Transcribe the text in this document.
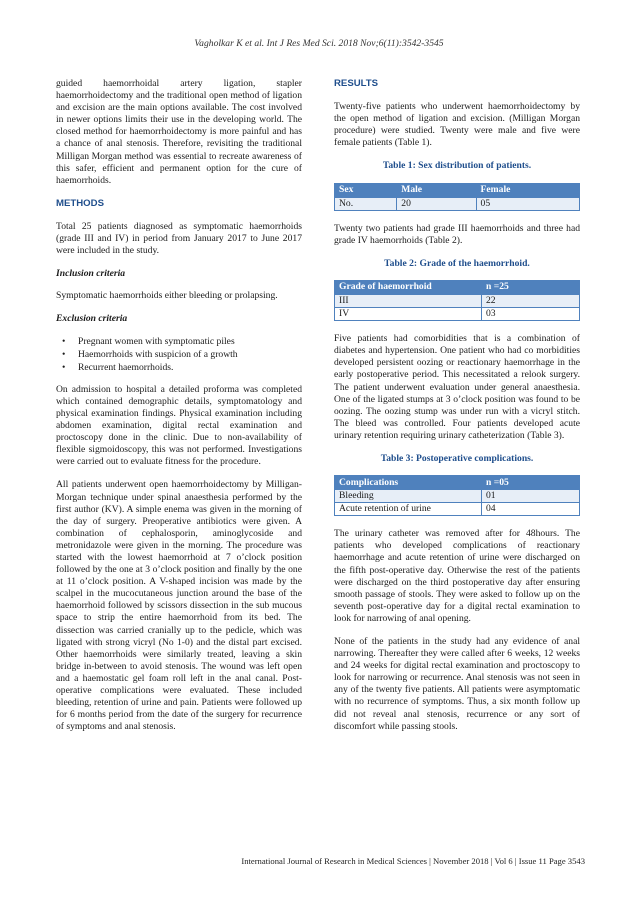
Vagholkar K et al. Int J Res Med Sci. 2018 Nov;6(11):3542-3545

guided haemorrhoidal artery ligation, stapler haemorrhoidectomy and the traditional open method of ligation and excision are the main options available. The cost involved in newer options limits their use in the developing world. The closed method for haemorrhoidectomy is more painful and has a chance of anal stenosis. Therefore, revisiting the traditional Milligan Morgan method was essential to recreate awareness of this safer, efficient and permanent option for the cure of haemorrhoids.

METHODS

Total 25 patients diagnosed as symptomatic haemorrhoids (grade III and IV) in period from January 2017 to June 2017 were included in the study.

Inclusion criteria

Symptomatic haemorrhoids either bleeding or prolapsing.

Exclusion criteria
• Pregnant women with symptomatic piles
• Haemorrhoids with suspicion of a growth
• Recurrent haemorrhoids.

On admission to hospital a detailed proforma was completed which contained demographic details, symptomatology and physical examination findings. Physical examination including abdomen examination, digital rectal examination and proctoscopy done in the clinic. Due to non-availability of flexible sigmoidoscopy, this was not performed. Investigations were carried out to evaluate fitness for the procedure.

All patients underwent open haemorrhoidectomy by Milligan-Morgan technique under spinal anaesthesia performed by the first author (KV). A simple enema was given in the morning of the day of surgery. Preoperative antibiotics were given. A combination of cephalosporin, aminoglycoside and metronidazole were given in the morning. The procedure was started with the lowest haemorrhoid at 7 o’clock position followed by the one at 3 o’clock position and finally by the one at 11 o’clock position. A V-shaped incision was made by the scalpel in the mucocutaneous junction around the base of the haemorrhoid followed by scissors dissection in the sub mucous space to strip the entire haemorrhoid from its bed. The dissection was carried cranially up to the pedicle, which was ligated with strong vicryl (No 1-0) and the distal part excised. Other haemorrhoids were similarly treated, leaving a skin bridge in-between to avoid stenosis. The wound was left open and a haemostatic gel foam roll left in the anal canal. Post-operative complications were evaluated. These included bleeding, retention of urine and pain. Patients were followed up for 6 months period from the date of the surgery for recurrence of symptoms and anal stenosis.

RESULTS

Twenty-five patients who underwent haemorrhoidectomy by the open method of ligation and excision. (Milligan Morgan procedure) were studied. Twenty were male and five were female patients (Table 1).

Table 1: Sex distribution of patients.
Sex	Male	Female
No.	20	05

Twenty two patients had grade III haemorrhoids and three had grade IV haemorrhoids (Table 2).

Table 2: Grade of the haemorrhoid.
Grade of haemorrhoid	n =25
III	22
IV	03

Five patients had comorbidities that is a combination of diabetes and hypertension. One patient who had co morbidities developed persistent oozing or reactionary haemorrhage in the early postoperative period. This necessitated a relook surgery. The patient underwent evaluation under general anaesthesia. One of the ligated stumps at 3 o’clock position was found to be oozing. The oozing stump was under run with a vicryl stitch. The bleed was controlled. Four patients developed acute urinary retention requiring urinary catheterization (Table 3).

Table 3: Postoperative complications.
Complications	n =05
Bleeding	01
Acute retention of urine	04

The urinary catheter was removed after for 48hours. The patients who developed complications of reactionary haemorrhage and acute retention of urine were discharged on the fifth post-operative day. Otherwise the rest of the patients were discharged on the third postoperative day after ensuring smooth passage of stools. They were asked to follow up on the seventh post-operative day for a digital rectal examination to look for narrowing of anal opening.

None of the patients in the study had any evidence of anal narrowing. Thereafter they were called after 6 weeks, 12 weeks and 24 weeks for digital rectal examination and proctoscopy to look for narrowing or recurrence. Anal stenosis was not seen in any of the twenty five patients. All patients were asymptomatic with no recurrence of symptoms. Thus, a six month follow up did not reveal anal stenosis, recurrence or any sort of discomfort while passing stools.

International Journal of Research in Medical Sciences | November 2018 | Vol 6 | Issue 11 Page 3543
